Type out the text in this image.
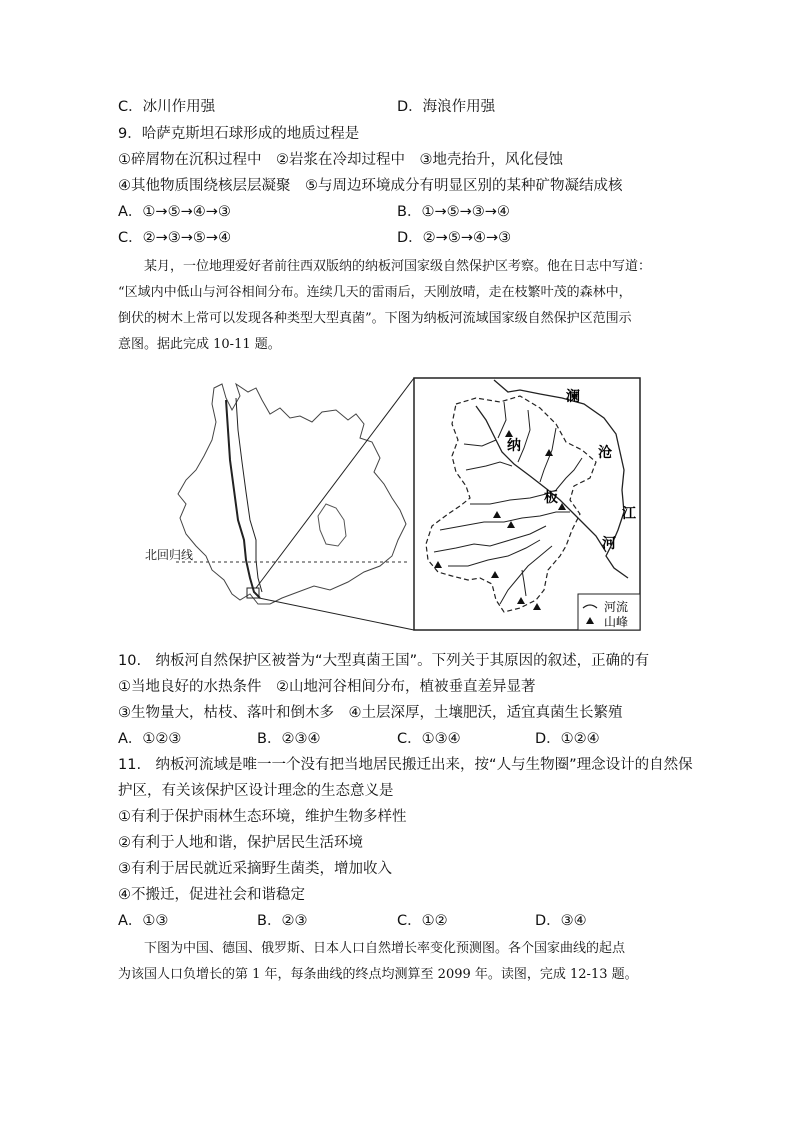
C．冰川作用强	D．海浪作用强
9．哈萨克斯坦石球形成的地质过程是
①碎屑物在沉积过程中　②岩浆在冷却过程中　③地壳抬升，风化侵蚀
④其他物质围绕核层层凝聚　⑤与周边环境成分有明显区别的某种矿物凝结成核
A．①→⑤→④→③	B．①→⑤→③→④
C．②→③→⑤→④	D．②→⑤→④→③
某月，一位地理爱好者前往西双版纳的纳板河国家级自然保护区考察。他在日志中写道：
“区域内中低山与河谷相间分布。连续几天的雷雨后，天刚放晴，走在枝繁叶茂的森林中，
倒伏的树木上常可以发现各种类型大型真菌”。下图为纳板河流域国家级自然保护区范围示
意图。据此完成 10-11 题。
北回归线
澜
沧
江
河
纳
板
河流
山峰
10.　纳板河自然保护区被誉为“大型真菌王国”。下列关于其原因的叙述，正确的有
①当地良好的水热条件　②山地河谷相间分布，植被垂直差异显著
③生物量大，枯枝、落叶和倒木多　④土层深厚，土壤肥沃，适宜真菌生长繁殖
A．①②③	B．②③④	C．①③④	D．①②④
11.　纳板河流域是唯一一个没有把当地居民搬迁出来，按“人与生物圈”理念设计的自然保
护区，有关该保护区设计理念的生态意义是
①有利于保护雨林生态环境，维护生物多样性
②有利于人地和谐，保护居民生活环境
③有利于居民就近采摘野生菌类，增加收入
④不搬迁，促进社会和谐稳定
A．①③	B．②③	C．①②	D．③④
下图为中国、德国、俄罗斯、日本人口自然增长率变化预测图。各个国家曲线的起点
为该国人口负增长的第 1 年，每条曲线的终点均测算至 2099 年。读图，完成 12-13 题。
